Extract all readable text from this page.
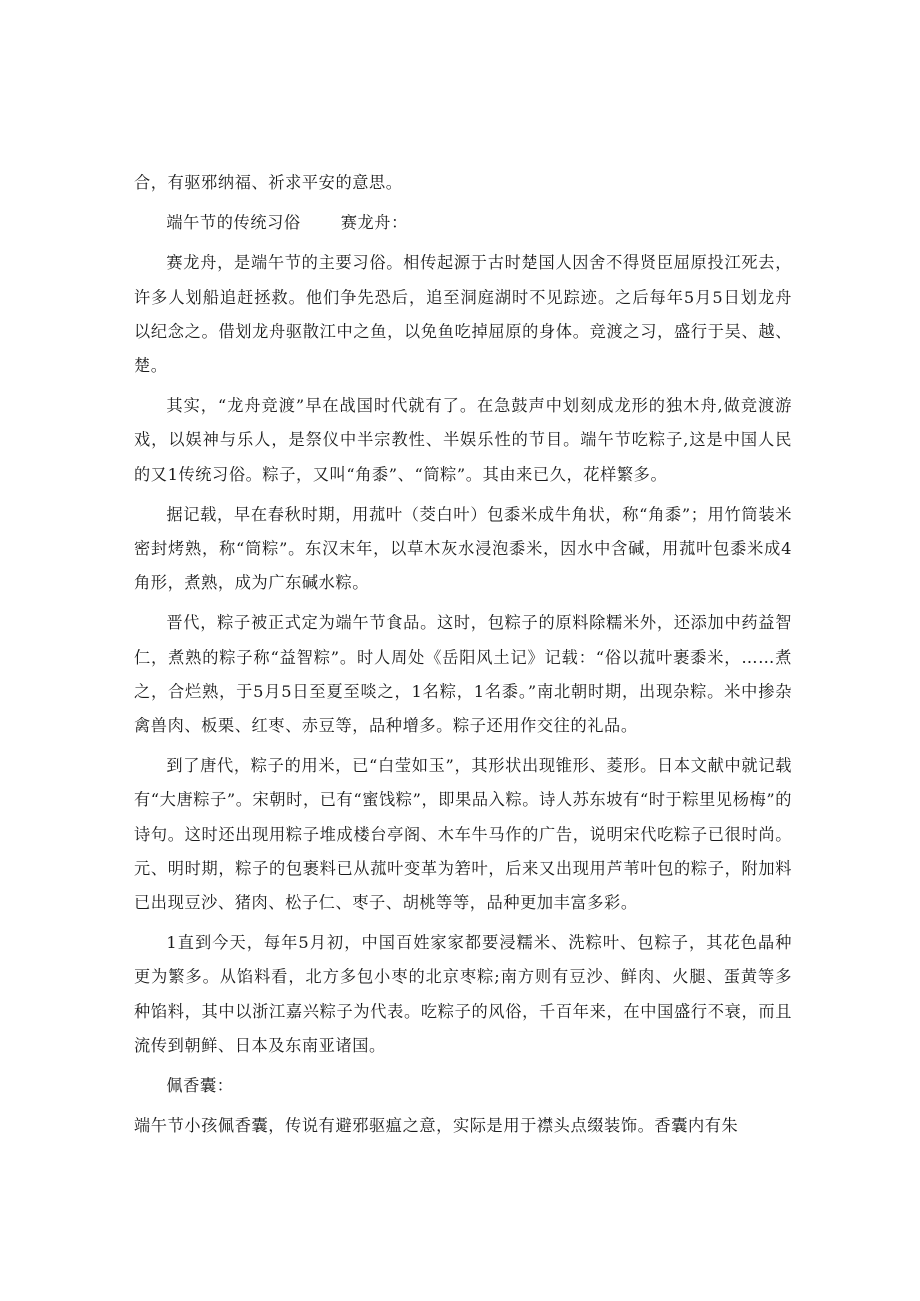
合，有驱邪纳福、祈求平安的意思。

端午节的传统习俗 赛龙舟：

赛龙舟，是端午节的主要习俗。相传起源于古时楚国人因舍不得贤臣屈原投江死去，许多人划船追赶拯救。他们争先恐后，追至洞庭湖时不见踪迹。之后每年5月5日划龙舟以纪念之。借划龙舟驱散江中之鱼，以免鱼吃掉屈原的身体。竞渡之习，盛行于吴、越、楚。

其实，“龙舟竞渡”早在战国时代就有了。在急鼓声中划刻成龙形的独木舟,做竞渡游戏，以娱神与乐人，是祭仪中半宗教性、半娱乐性的节目。端午节吃粽子,这是中国人民的又1传统习俗。粽子，又叫“角黍”、“筒粽”。其由来已久，花样繁多。

据记载，早在春秋时期，用菰叶（茭白叶）包黍米成牛角状，称“角黍”；用竹筒装米密封烤熟，称“筒粽”。东汉末年，以草木灰水浸泡黍米，因水中含碱，用菰叶包黍米成4角形，煮熟，成为广东碱水粽。

晋代，粽子被正式定为端午节食品。这时，包粽子的原料除糯米外，还添加中药益智仁，煮熟的粽子称“益智粽”。时人周处《岳阳风土记》记载：“俗以菰叶裹黍米，……煮之，合烂熟，于5月5日至夏至啖之，1名粽，1名黍。”南北朝时期，出现杂粽。米中掺杂禽兽肉、板栗、红枣、赤豆等，品种增多。粽子还用作交往的礼品。

到了唐代，粽子的用米，已“白莹如玉”，其形状出现锥形、菱形。日本文献中就记载有“大唐粽子”。宋朝时，已有“蜜饯粽”，即果品入粽。诗人苏东坡有“时于粽里见杨梅”的诗句。这时还出现用粽子堆成楼台亭阁、木车牛马作的广告，说明宋代吃粽子已很时尚。元、明时期，粽子的包裹料已从菰叶变革为箬叶，后来又出现用芦苇叶包的粽子，附加料已出现豆沙、猪肉、松子仁、枣子、胡桃等等，品种更加丰富多彩。

1直到今天，每年5月初，中国百姓家家都要浸糯米、洗粽叶、包粽子，其花色晶种更为繁多。从馅料看，北方多包小枣的北京枣粽;南方则有豆沙、鲜肉、火腿、蛋黄等多种馅料，其中以浙江嘉兴粽子为代表。吃粽子的风俗，千百年来，在中国盛行不衰，而且流传到朝鲜、日本及东南亚诸国。

佩香囊：

端午节小孩佩香囊，传说有避邪驱瘟之意，实际是用于襟头点缀装饰。香囊内有朱
